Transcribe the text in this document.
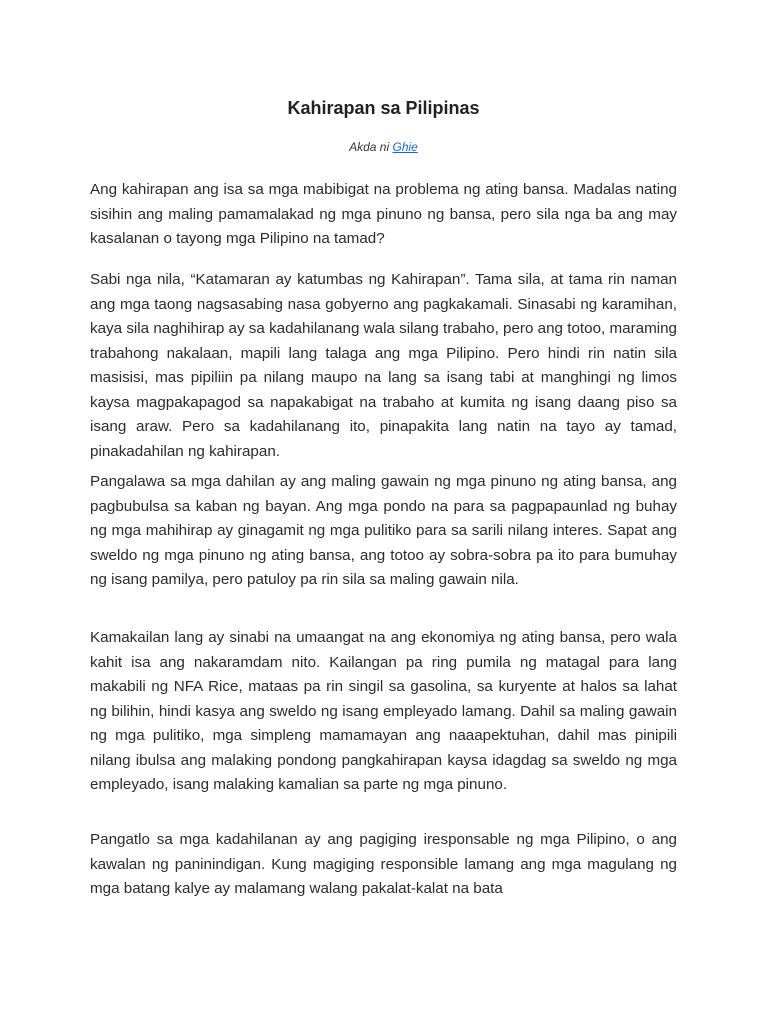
Kahirapan sa Pilipinas
Akda ni Ghie

Ang kahirapan ang isa sa mga mabibigat na problema ng ating bansa. Madalas nating sisihin ang maling pamamalakad ng mga pinuno ng bansa, pero sila nga ba ang may kasalanan o tayong mga Pilipino na tamad?

Sabi nga nila, “Katamaran ay katumbas ng Kahirapan”. Tama sila, at tama rin naman ang mga taong nagsasabing nasa gobyerno ang pagkakamali. Sinasabi ng karamihan, kaya sila naghihirap ay sa kadahilanang wala silang trabaho, pero ang totoo, maraming trabahong nakalaan, mapili lang talaga ang mga Pilipino. Pero hindi rin natin sila masisisi, mas pipiliin pa nilang maupo na lang sa isang tabi at manghingi ng limos kaysa magpakapagod sa napakabigat na trabaho at kumita ng isang daang piso sa isang araw. Pero sa kadahilanang ito, pinapakita lang natin na tayo ay tamad, pinakadahilan ng kahirapan.

Pangalawa sa mga dahilan ay ang maling gawain ng mga pinuno ng ating bansa, ang pagbubulsa sa kaban ng bayan. Ang mga pondo na para sa pagpapaunlad ng buhay ng mga mahihirap ay ginagamit ng mga pulitiko para sa sarili nilang interes. Sapat ang sweldo ng mga pinuno ng ating bansa, ang totoo ay sobra-sobra pa ito para bumuhay ng isang pamilya, pero patuloy pa rin sila sa maling gawain nila.

Kamakailan lang ay sinabi na umaangat na ang ekonomiya ng ating bansa, pero wala kahit isa ang nakaramdam nito. Kailangan pa ring pumila ng matagal para lang makabili ng NFA Rice, mataas pa rin singil sa gasolina, sa kuryente at halos sa lahat ng bilihin, hindi kasya ang sweldo ng isang empleyado lamang. Dahil sa maling gawain ng mga pulitiko, mga simpleng mamamayan ang naaapektuhan, dahil mas pinipili nilang ibulsa ang malaking pondong pangkahirapan kaysa idagdag sa sweldo ng mga empleyado, isang malaking kamalian sa parte ng mga pinuno.

Pangatlo sa mga kadahilanan ay ang pagiging iresponsable ng mga Pilipino, o ang kawalan ng paninindigan. Kung magiging responsible lamang ang mga magulang ng mga batang kalye ay malamang walang pakalat-kalat na bata
